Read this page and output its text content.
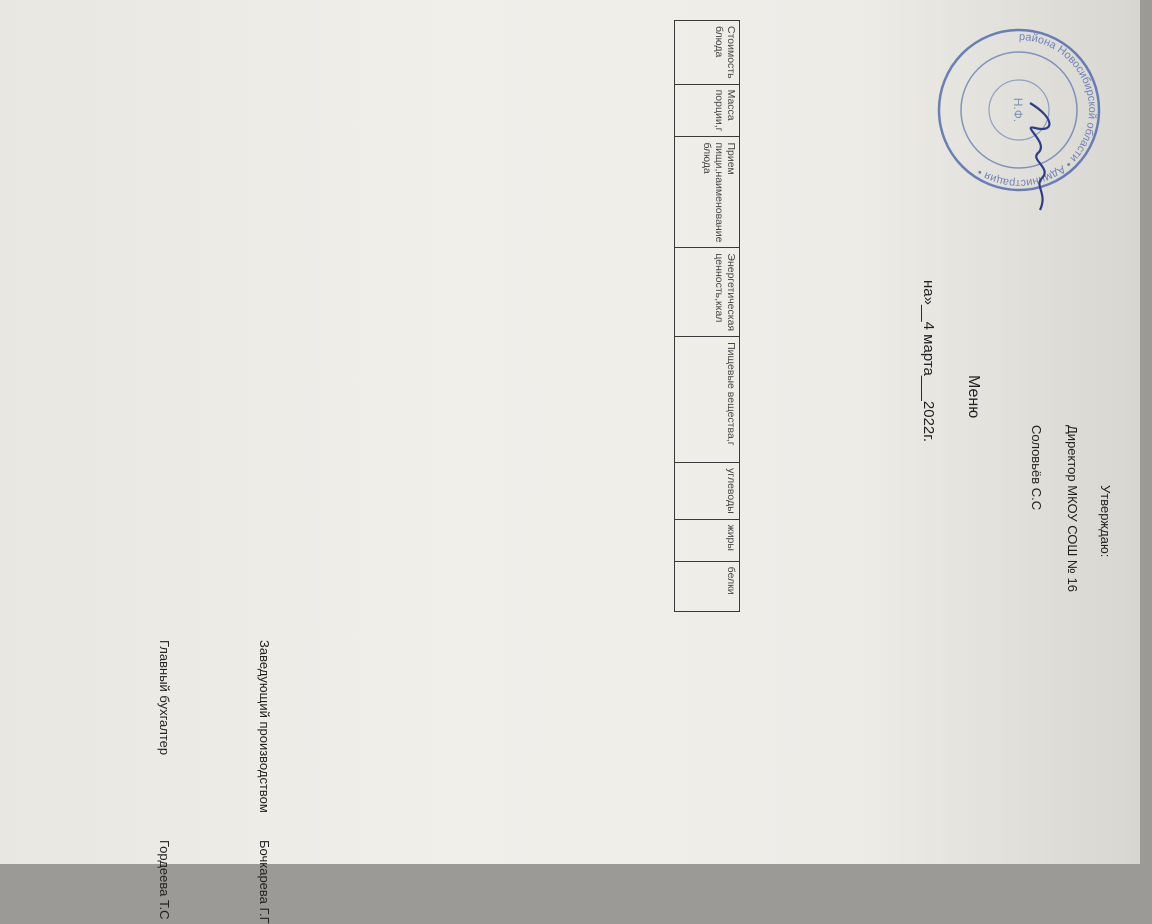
Утверждаю:
Директор МКОУ СОШ № 16
Соловьёв С.С
района Новосибирской области • Администрация •
Н.Ф.
Меню
на»__4 марта___2022г.
Стоимость блюда	Масса порции,г	Прием пищи,наименование блюда	Энергетическая ценность,ккал	Пищевые вещества,г	углеводы	жиры	белки
Заведующий производством
Бочкарева Г.Г
Главный бухгалтер
Гордеева Т.С
